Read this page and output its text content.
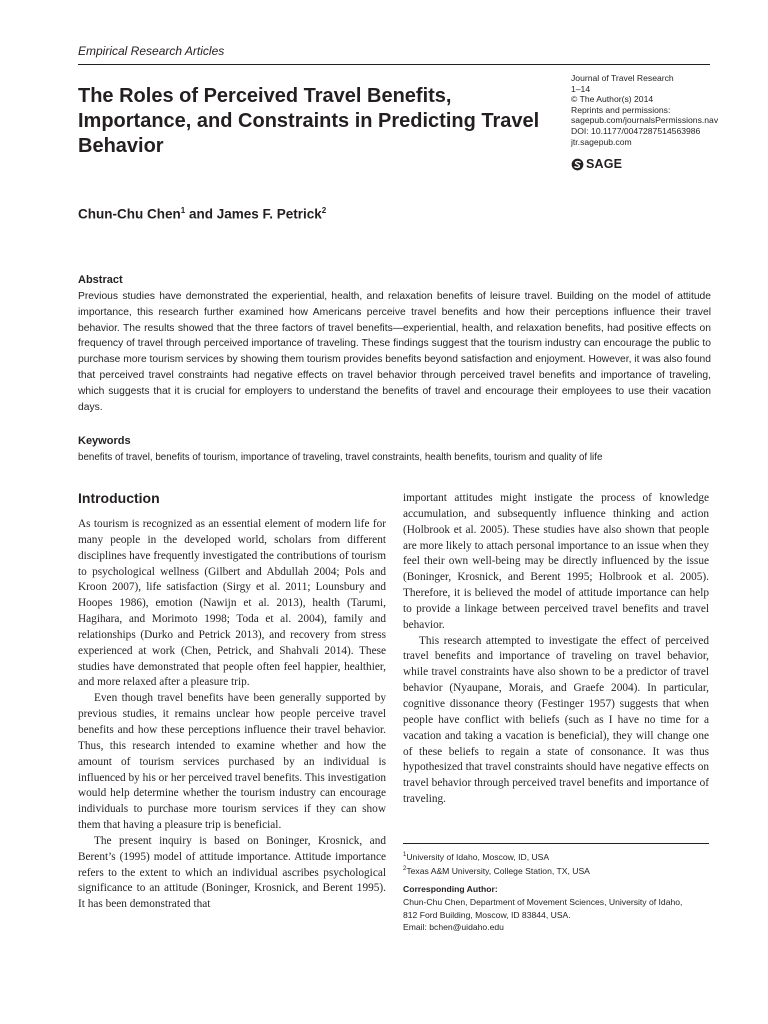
Empirical Research Articles
The Roles of Perceived Travel Benefits, Importance, and Constraints in Predicting Travel Behavior
Journal of Travel Research
1–14
© The Author(s) 2014
Reprints and permissions:
sagepub.com/journalsPermissions.nav
DOI: 10.1177/0047287514563986
jtr.sagepub.com
SAGE
Chun-Chu Chen$^1$ and James F. Petrick$^2$
Abstract
Previous studies have demonstrated the experiential, health, and relaxation benefits of leisure travel. Building on the model of attitude importance, this research further examined how Americans perceive travel benefits and how their perceptions influence their travel behavior. The results showed that the three factors of travel benefits—experiential, health, and relaxation benefits, had positive effects on frequency of travel through perceived importance of traveling. These findings suggest that the tourism industry can encourage the public to purchase more tourism services by showing them tourism provides benefits beyond satisfaction and enjoyment. However, it was also found that perceived travel constraints had negative effects on travel behavior through perceived travel benefits and importance of traveling, which suggests that it is crucial for employers to understand the benefits of travel and encourage their employees to use their vacation days.
Keywords
benefits of travel, benefits of tourism, importance of traveling, travel constraints, health benefits, tourism and quality of life
Introduction

As tourism is recognized as an essential element of modern life for many people in the developed world, scholars from different disciplines have frequently investigated the contributions of tourism to psychological wellness (Gilbert and Abdullah 2004; Pols and Kroon 2007), life satisfaction (Sirgy et al. 2011; Lounsbury and Hoopes 1986), emotion (Nawijn et al. 2013), health (Tarumi, Hagihara, and Morimoto 1998; Toda et al. 2004), family and relationships (Durko and Petrick 2013), and recovery from stress experienced at work (Chen, Petrick, and Shahvali 2014). These studies have demonstrated that people often feel happier, healthier, and more relaxed after a pleasure trip.

Even though travel benefits have been generally supported by previous studies, it remains unclear how people perceive travel benefits and how these perceptions influence their travel behavior. Thus, this research intended to examine whether and how the amount of tourism services purchased by an individual is influenced by his or her perceived travel benefits. This investigation would help determine whether the tourism industry can encourage individuals to purchase more tourism services if they can show them that having a pleasure trip is beneficial.

The present inquiry is based on Boninger, Krosnick, and Berent’s (1995) model of attitude importance. Attitude importance refers to the extent to which an individual ascribes psychological significance to an attitude (Boninger, Krosnick, and Berent 1995). It has been demonstrated that

important attitudes might instigate the process of knowledge accumulation, and subsequently influence thinking and action (Holbrook et al. 2005). These studies have also shown that people are more likely to attach personal importance to an issue when they feel their own well-being may be directly influenced by the issue (Boninger, Krosnick, and Berent 1995; Holbrook et al. 2005). Therefore, it is believed the model of attitude importance can help to provide a linkage between perceived travel benefits and travel behavior.

This research attempted to investigate the effect of perceived travel benefits and importance of traveling on travel behavior, while travel constraints have also shown to be a predictor of travel behavior (Nyaupane, Morais, and Graefe 2004). In particular, cognitive dissonance theory (Festinger 1957) suggests that when people have conflict with beliefs (such as I have no time for a vacation and taking a vacation is beneficial), they will change one of these beliefs to regain a state of consonance. It was thus hypothesized that travel constraints should have negative effects on travel behavior through perceived travel benefits and importance of traveling.

$^1$University of Idaho, Moscow, ID, USA
$^2$Texas A&M University, College Station, TX, USA
Corresponding Author:
Chun-Chu Chen, Department of Movement Sciences, University of Idaho,
812 Ford Building, Moscow, ID 83844, USA.
Email: bchen@uidaho.edu
